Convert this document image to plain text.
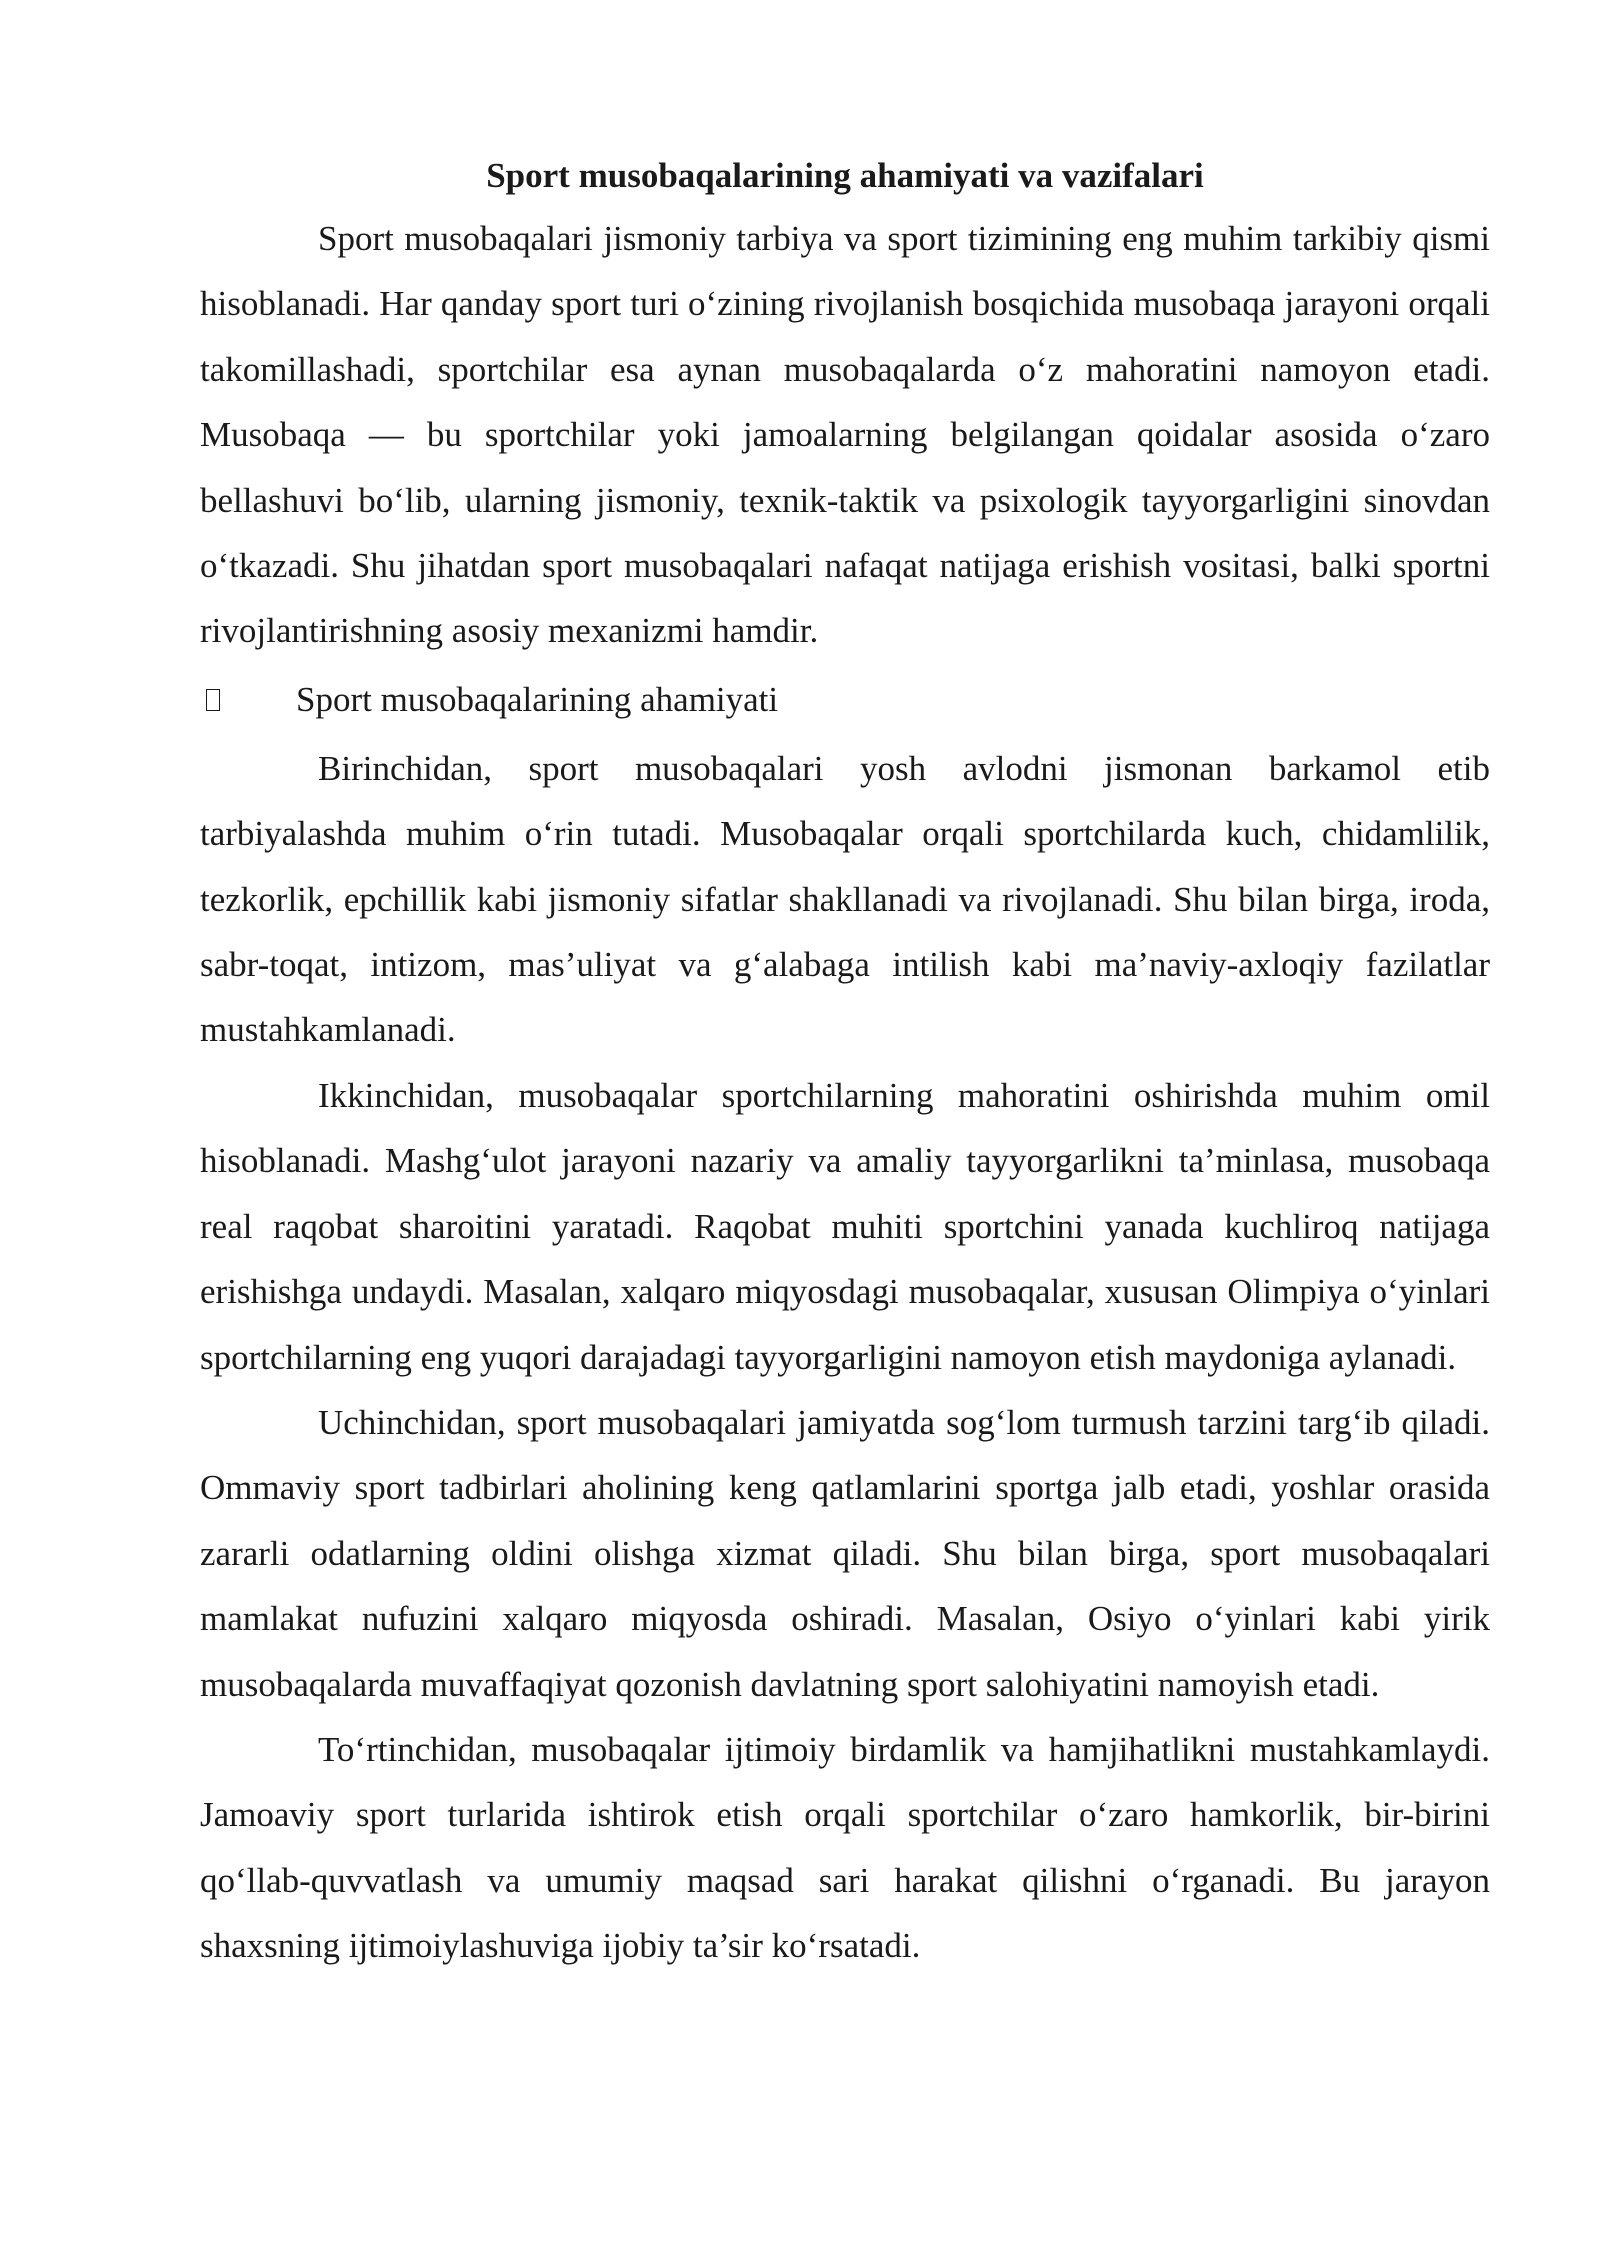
Sport musobaqalarining ahamiyati va vazifalari

Sport musobaqalari jismoniy tarbiya va sport tizimining eng muhim tarkibiy qismi hisoblanadi. Har qanday sport turi o‘zining rivojlanish bosqichida musobaqa jarayoni orqali takomillashadi, sportchilar esa aynan musobaqalarda o‘z mahoratini namoyon etadi. Musobaqa — bu sportchilar yoki jamoalarning belgilangan qoidalar asosida o‘zaro bellashuvi bo‘lib, ularning jismoniy, texnik-taktik va psixologik tayyorgarligini sinovdan o‘tkazadi. Shu jihatdan sport musobaqalari nafaqat natijaga erishish vositasi, balki sportni rivojlantirishning asosiy mexanizmi hamdir.

Sport musobaqalarining ahamiyati

Birinchidan, sport musobaqalari yosh avlodni jismonan barkamol etib tarbiyalashda muhim o‘rin tutadi. Musobaqalar orqali sportchilarda kuch, chidamlilik, tezkorlik, epchillik kabi jismoniy sifatlar shakllanadi va rivojlanadi. Shu bilan birga, iroda, sabr-toqat, intizom, mas’uliyat va g‘alabaga intilish kabi ma’naviy-axloqiy fazilatlar mustahkamlanadi.

Ikkinchidan, musobaqalar sportchilarning mahoratini oshirishda muhim omil hisoblanadi. Mashg‘ulot jarayoni nazariy va amaliy tayyorgarlikni ta’minlasa, musobaqa real raqobat sharoitini yaratadi. Raqobat muhiti sportchini yanada kuchliroq natijaga erishishga undaydi. Masalan, xalqaro miqyosdagi musobaqalar, xususan Olimpiya o‘yinlari sportchilarning eng yuqori darajadagi tayyorgarligini namoyon etish maydoniga aylanadi.

Uchinchidan, sport musobaqalari jamiyatda sog‘lom turmush tarzini targ‘ib qiladi. Ommaviy sport tadbirlari aholining keng qatlamlarini sportga jalb etadi, yoshlar orasida zararli odatlarning oldini olishga xizmat qiladi. Shu bilan birga, sport musobaqalari mamlakat nufuzini xalqaro miqyosda oshiradi. Masalan, Osiyo o‘yinlari kabi yirik musobaqalarda muvaffaqiyat qozonish davlatning sport salohiyatini namoyish etadi.

To‘rtinchidan, musobaqalar ijtimoiy birdamlik va hamjihatlikni mustahkamlaydi. Jamoaviy sport turlarida ishtirok etish orqali sportchilar o‘zaro hamkorlik, bir-birini qo‘llab-quvvatlash va umumiy maqsad sari harakat qilishni o‘rganadi. Bu jarayon shaxsning ijtimoiylashuviga ijobiy ta’sir ko‘rsatadi.
